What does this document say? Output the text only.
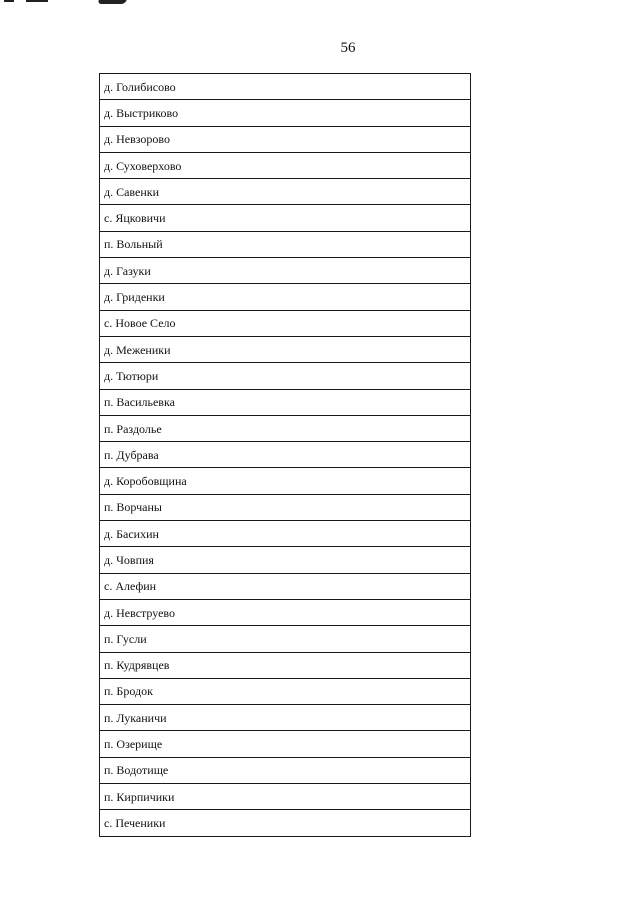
56
д. Голибисово
д. Выстриково
д. Невзорово
д. Суховерхово
д. Савенки
с. Яцковичи
п. Вольный
д. Газуки
д. Гриденки
с. Новое Село
д. Меженики
д. Тютюри
п. Васильевка
п. Раздолье
п. Дубрава
д. Коробовщина
п. Ворчаны
д. Басихин
д. Човпия
с. Алефин
д. Невструево
п. Гусли
п. Кудрявцев
п. Бродок
п. Луканичи
п. Озерище
п. Водотище
п. Кирпичики
с. Печеники
